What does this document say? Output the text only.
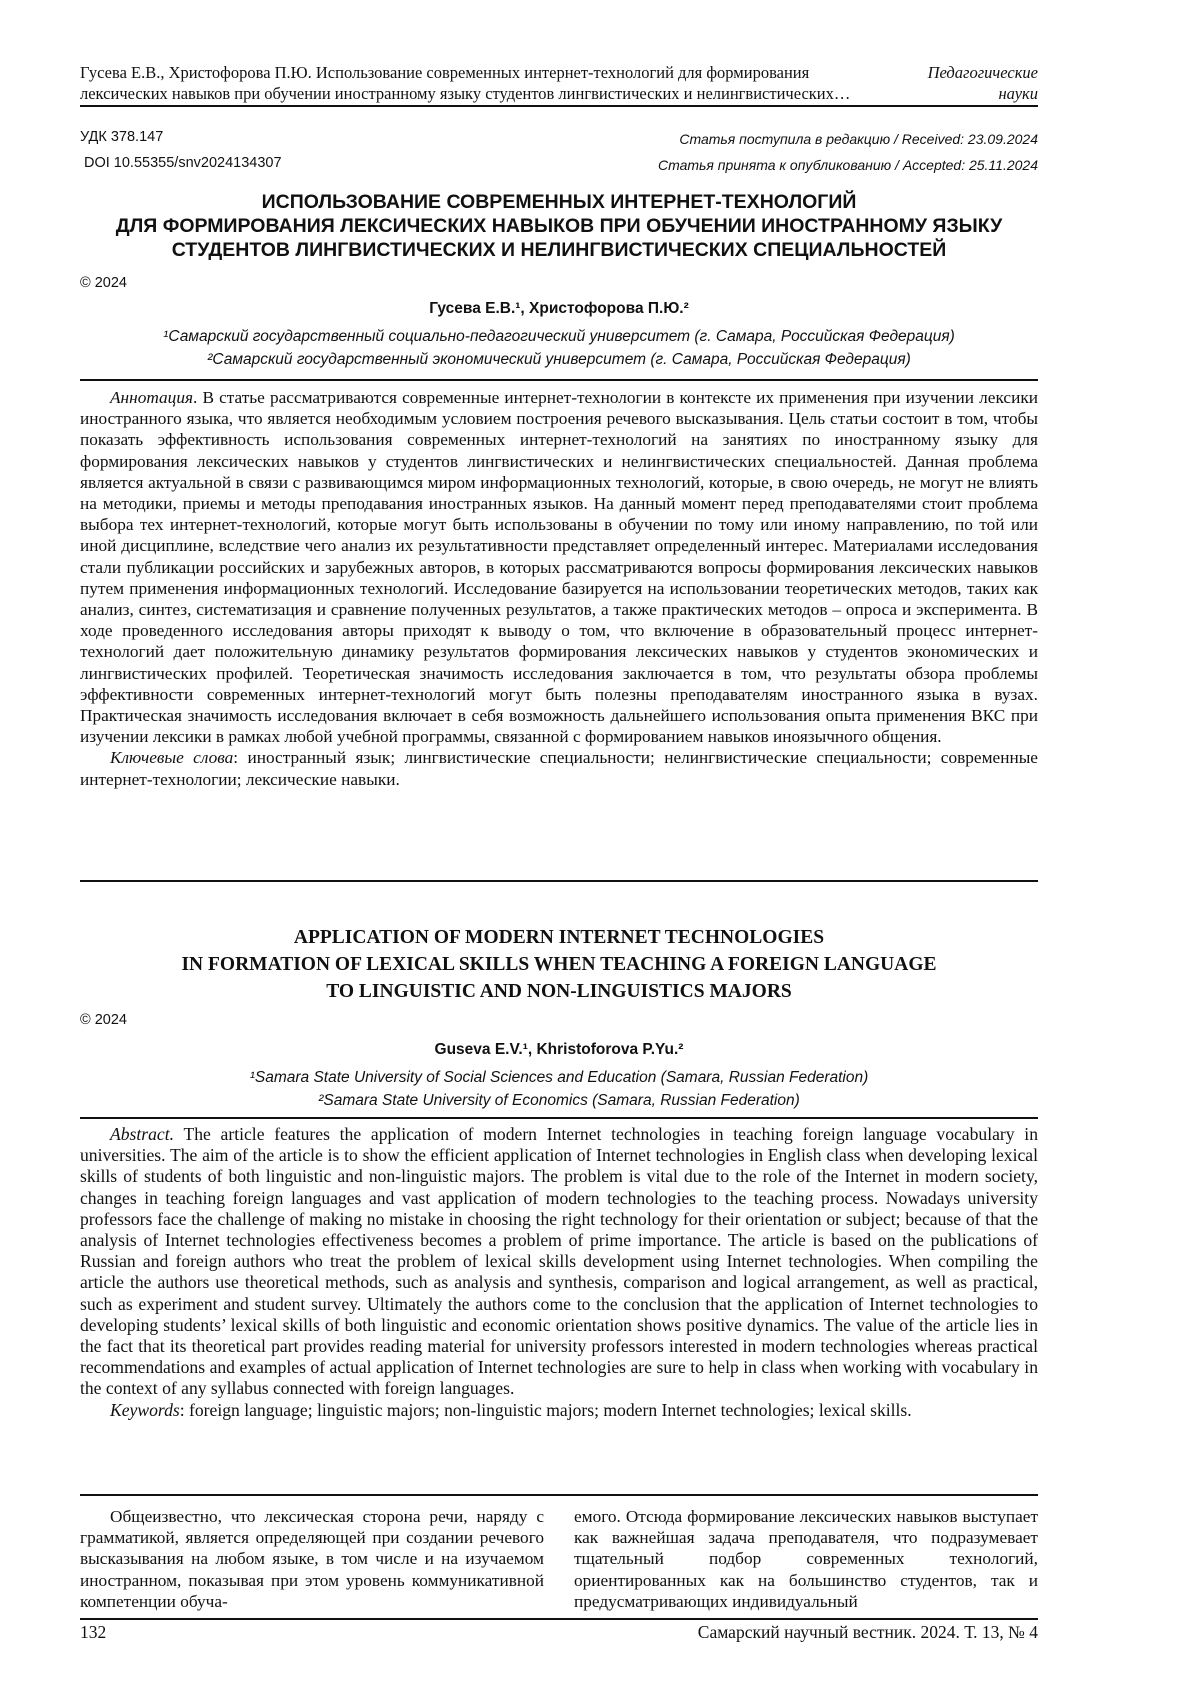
Гусева Е.В., Христофорова П.Ю. Использование современных интернет-технологий для формирования
лексических навыков при обучении иностранному языку студентов лингвистических и нелингвистических…
Педагогические
науки
УДК 378.147
DOI 10.55355/snv2024134307
Статья поступила в редакцию / Received: 23.09.2024
Статья принята к опубликованию / Accepted: 25.11.2024
ИСПОЛЬЗОВАНИЕ СОВРЕМЕННЫХ ИНТЕРНЕТ-ТЕХНОЛОГИЙ
ДЛЯ ФОРМИРОВАНИЯ ЛЕКСИЧЕСКИХ НАВЫКОВ ПРИ ОБУЧЕНИИ ИНОСТРАННОМУ ЯЗЫКУ
СТУДЕНТОВ ЛИНГВИСТИЧЕСКИХ И НЕЛИНГВИСТИЧЕСКИХ СПЕЦИАЛЬНОСТЕЙ
© 2024
Гусева Е.В.¹, Христофорова П.Ю.²
¹Самарский государственный социально-педагогический университет (г. Самара, Российская Федерация)
²Самарский государственный экономический университет (г. Самара, Российская Федерация)

Аннотация. В статье рассматриваются современные интернет-технологии в контексте их применения при изучении лексики иностранного языка, что является необходимым условием построения речевого высказы­вания. Цель статьи состоит в том, чтобы показать эффективность использования современных интернет-тех­нологий на занятиях по иностранному языку для формирования лексических навыков у студентов лингви­стических и нелингвистических специальностей. Данная проблема является актуальной в связи с развиваю­щимся миром информационных технологий, которые, в свою очередь, не могут не влиять на методики, при­емы и методы преподавания иностранных языков. На данный момент перед преподавателями стоит пробле­ма выбора тех интернет-технологий, которые могут быть использованы в обучении по тому или иному направлению, по той или иной дисциплине, вследствие чего анализ их результативности представляет опре­деленный интерес. Материалами исследования стали публикации российских и зарубежных авторов, в кото­рых рассматриваются вопросы формирования лексических навыков путем применения информационных технологий. Исследование базируется на использовании теоретических методов, таких как анализ, синтез, систематизация и сравнение полученных результатов, а также практических методов – опроса и экспери­мента. В ходе проведенного исследования авторы приходят к выводу о том, что включение в образовательный процесс интернет-технологий дает положительную динамику результатов формирования лексических навы­ков у студентов экономических и лингвистических профилей. Теоретическая значимость исследования за­ключается в том, что результаты обзора проблемы эффективности современных интернет-технологий могут быть полезны преподавателям иностранного языка в вузах. Практическая значимость исследования включает в себя возможность дальнейшего использования опыта применения ВКС при изучении лексики в рамках лю­бой учебной программы, связанной с формированием навыков иноязычного общения.

Ключевые слова: иностранный язык; лингвистические специальности; нелингвистические специальности; современные интернет-технологии; лексические навыки.

APPLICATION OF MODERN INTERNET TECHNOLOGIES
IN FORMATION OF LEXICAL SKILLS WHEN TEACHING A FOREIGN LANGUAGE
TO LINGUISTIC AND NON-LINGUISTICS MAJORS
© 2024
Guseva E.V.¹, Khristoforova P.Yu.²
¹Samara State University of Social Sciences and Education (Samara, Russian Federation)
²Samara State University of Economics (Samara, Russian Federation)

Abstract. The article features the application of modern Internet technologies in teaching foreign language vocab­ulary in universities. The aim of the article is to show the efficient application of Internet technologies in English class when developing lexical skills of students of both linguistic and non-linguistic majors. The problem is vital due to the role of the Internet in modern society, changes in teaching foreign languages and vast application of modern technologies to the teaching process. Nowadays university professors face the challenge of making no mistake in choosing the right technology for their orientation or subject; because of that the analysis of Internet technologies ef­fectiveness becomes a problem of prime importance. The article is based on the publications of Russian and foreign authors who treat the problem of lexical skills development using Internet technologies. When compiling the article the authors use theoretical methods, such as analysis and synthesis, comparison and logical arrangement, as well as practical, such as experiment and student survey. Ultimately the authors come to the conclusion that the application of Internet technologies to developing students’ lexical skills of both linguistic and economic orientation shows posi­tive dynamics. The value of the article lies in the fact that its theoretical part provides reading material for university professors interested in modern technologies whereas practical recommendations and examples of actual application of Internet technologies are sure to help in class when working with vocabulary in the context of any syllabus con­nected with foreign languages.

Keywords: foreign language; linguistic majors; non-linguistic majors; modern Internet technologies; lexical skills.

Общеизвестно, что лексическая сторона речи, на­ряду с грамматикой, является определяющей при со­здании речевого высказывания на любом языке, в том числе и на изучаемом иностранном, показывая при этом уровень коммуникативной компетенции обуча-
емого. Отсюда формирование лексических навыков выступает как важнейшая задача преподавателя, что подразумевает тщательный подбор современных тех­нологий, ориентированных как на большинство сту­дентов, так и предусматривающих индивидуальный
132	Самарский научный вестник. 2024. Т. 13, № 4
